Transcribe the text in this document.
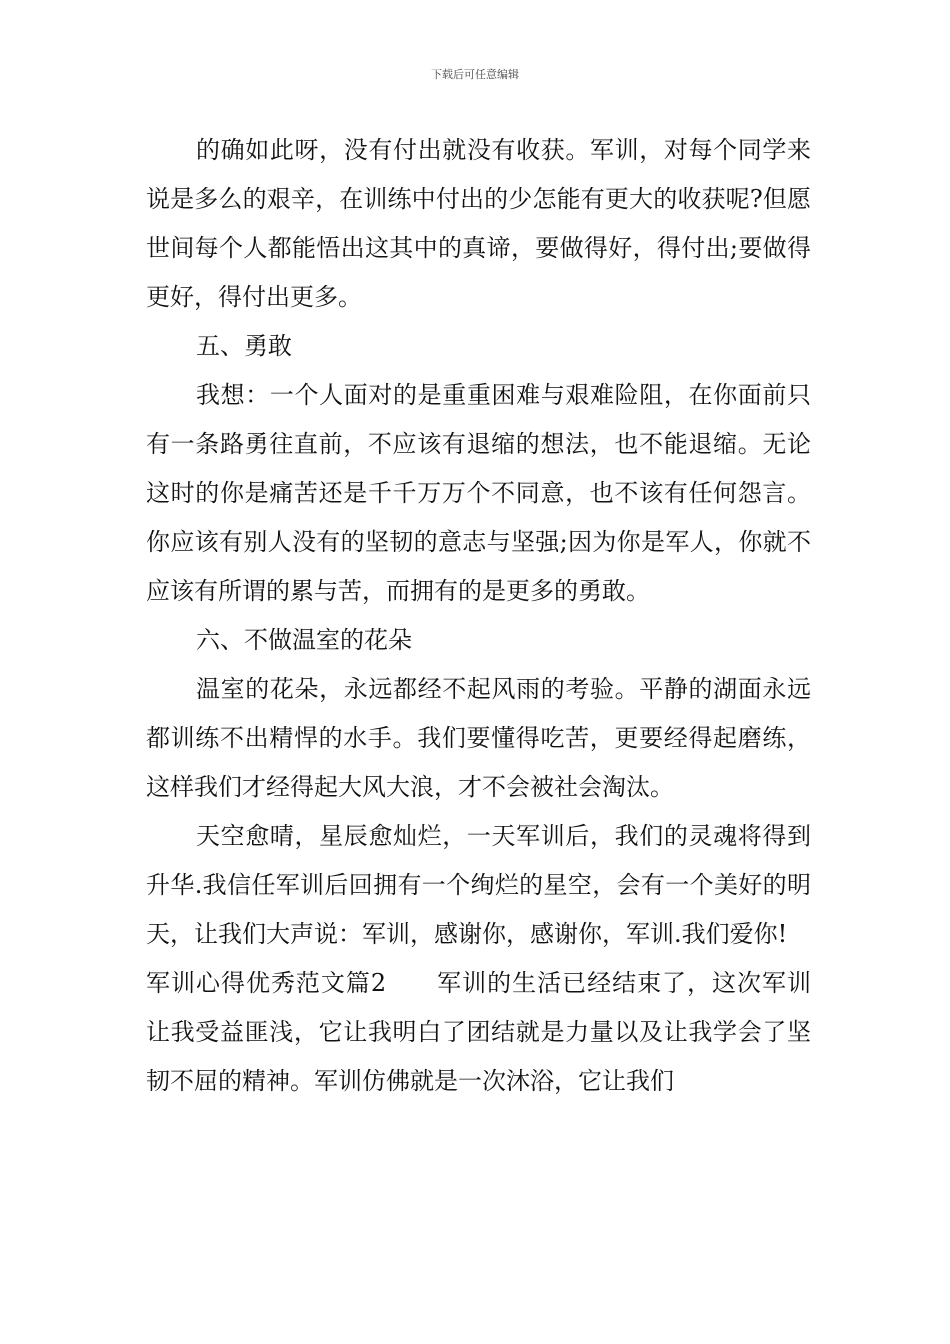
下载后可任意编辑

的确如此呀，没有付出就没有收获。军训，对每个同学来说是多么的艰辛，在训练中付出的少怎能有更大的收获呢?但愿世间每个人都能悟出这其中的真谛，要做得好，得付出;要做得更好，得付出更多。

五、勇敢

我想：一个人面对的是重重困难与艰难险阻，在你面前只有一条路勇往直前，不应该有退缩的想法，也不能退缩。无论这时的你是痛苦还是千千万万个不同意，也不该有任何怨言。你应该有别人没有的坚韧的意志与坚强;因为你是军人，你就不应该有所谓的累与苦，而拥有的是更多的勇敢。

六、不做温室的花朵

温室的花朵，永远都经不起风雨的考验。平静的湖面永远都训练不出精悍的水手。我们要懂得吃苦，更要经得起磨练，这样我们才经得起大风大浪，才不会被社会淘汰。

天空愈晴，星辰愈灿烂，一天军训后，我们的灵魂将得到升华.我信任军训后回拥有一个绚烂的星空，会有一个美好的明天，让我们大声说：军训，感谢你，感谢你，军训.我们爱你!

军训心得优秀范文篇2 军训的生活已经结束了，这次军训让我受益匪浅，它让我明白了团结就是力量以及让我学会了坚韧不屈的精神。军训仿佛就是一次沐浴，它让我们
